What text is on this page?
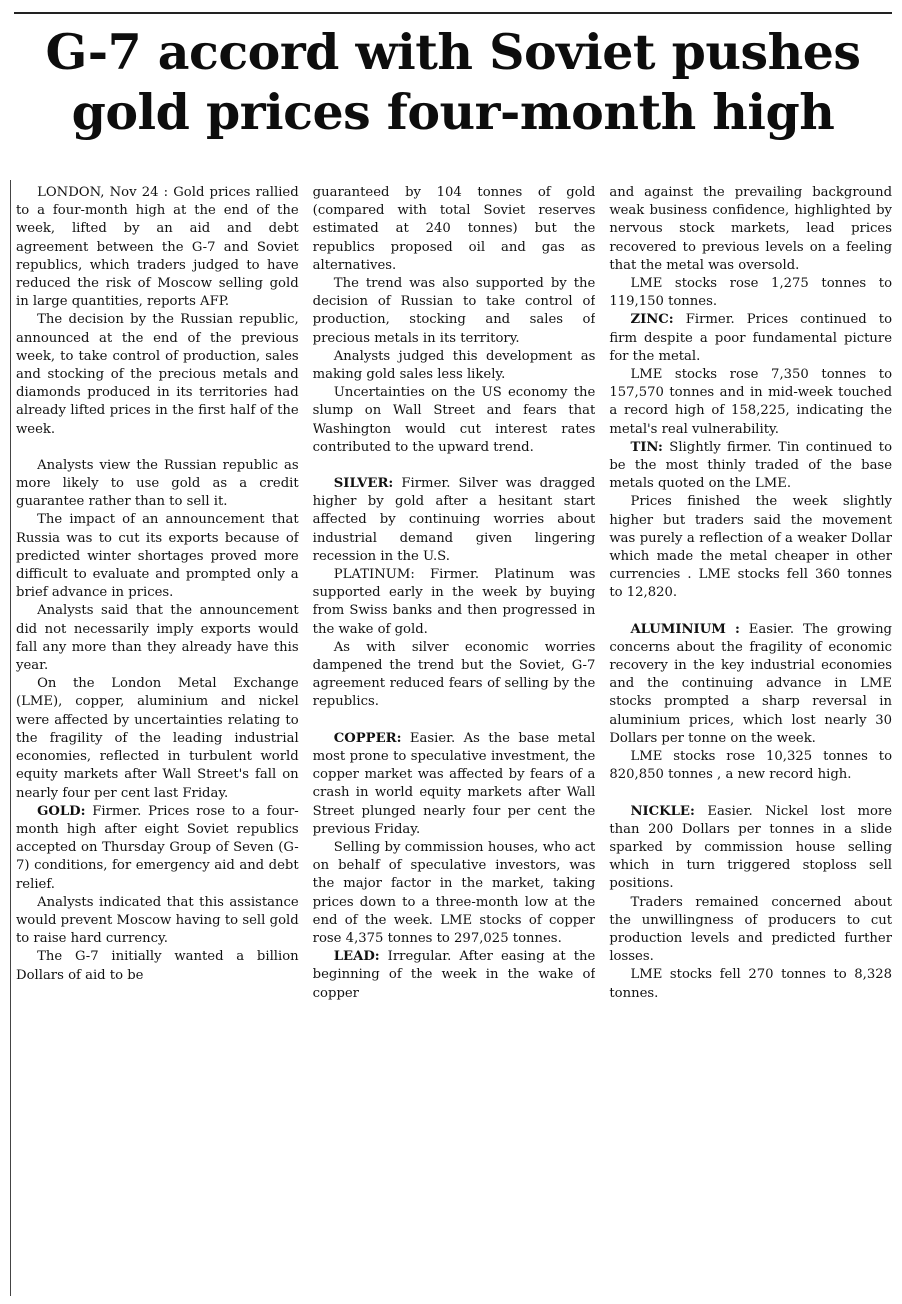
G-7 accord with Soviet pushes
gold prices four-month high

LONDON, Nov 24 : Gold prices rallied to a four-month high at the end of the week, lifted by an aid and debt agreement between the G-7 and Soviet republics, which traders judged to have reduced the risk of Moscow selling gold in large quantities, reports AFP.

The decision by the Russian republic, announced at the end of the previous week, to take control of production, sales and stocking of the precious metals and diamonds produced in its territories had already lifted prices in the first half of the week.

Analysts view the Russian republic as more likely to use gold as a credit guarantee rather than to sell it.

The impact of an announcement that Russia was to cut its exports because of predicted winter shortages proved more difficult to evaluate and prompted only a brief advance in prices.

Analysts said that the announcement did not necessarily imply exports would fall any more than they already have this year.

On the London Metal Exchange (LME), copper, aluminium and nickel were affected by uncertainties relating to the fragility of the leading industrial economies, reflected in turbulent world equity markets after Wall Street's fall on nearly four per cent last Friday.

GOLD: Firmer. Prices rose to a four-month high after eight Soviet republics accepted on Thursday Group of Seven (G-7) conditions, for emergency aid and debt relief.

Analysts indicated that this assistance would prevent Moscow having to sell gold to raise hard currency.

The G-7 initially wanted a billion Dollars of aid to be

guaranteed by 104 tonnes of gold (compared with total Soviet reserves estimated at 240 tonnes) but the republics proposed oil and gas as alternatives.

The trend was also supported by the decision of Russian to take control of production, stocking and sales of precious metals in its territory.

Analysts judged this development as making gold sales less likely.

Uncertainties on the US economy the slump on Wall Street and fears that Washington would cut interest rates contributed to the upward trend.

SILVER: Firmer. Silver was dragged higher by gold after a hesitant start affected by continuing worries about industrial demand given lingering recession in the U.S.

PLATINUM: Firmer. Platinum was supported early in the week by buying from Swiss banks and then progressed in the wake of gold.

As with silver economic worries dampened the trend but the Soviet, G-7 agreement reduced fears of selling by the republics.

COPPER: Easier. As the base metal most prone to speculative investment, the copper market was affected by fears of a crash in world equity markets after Wall Street plunged nearly four per cent the previous Friday.

Selling by commission houses, who act on behalf of speculative investors, was the major factor in the market, taking prices down to a three-month low at the end of the week. LME stocks of copper rose 4,375 tonnes to 297,025 tonnes.

LEAD: Irregular. After easing at the beginning of the week in the wake of copper

and against the prevailing background weak business confidence, highlighted by nervous stock markets, lead prices recovered to previous levels on a feeling that the metal was oversold.

LME stocks rose 1,275 tonnes to 119,150 tonnes.

ZINC: Firmer. Prices continued to firm despite a poor fundamental picture for the metal.

LME stocks rose 7,350 tonnes to 157,570 tonnes and in mid-week touched a record high of 158,225, indicating the metal's real vulnerability.

TIN: Slightly firmer. Tin continued to be the most thinly traded of the base metals quoted on the LME.

Prices finished the week slightly higher but traders said the movement was purely a reflection of a weaker Dollar which made the metal cheaper in other currencies . LME stocks fell 360 tonnes to 12,820.

ALUMINIUM : Easier. The growing concerns about the fragility of economic recovery in the key industrial economies and the continuing advance in LME stocks prompted a sharp reversal in aluminium prices, which lost nearly 30 Dollars per tonne on the week.

LME stocks rose 10,325 tonnes to 820,850 tonnes , a new record high.

NICKLE: Easier. Nickel lost more than 200 Dollars per tonnes in a slide sparked by commission house selling which in turn triggered stoploss sell positions.

Traders remained concerned about the unwillingness of producers to cut production levels and predicted further losses.

LME stocks fell 270 tonnes to 8,328 tonnes.
